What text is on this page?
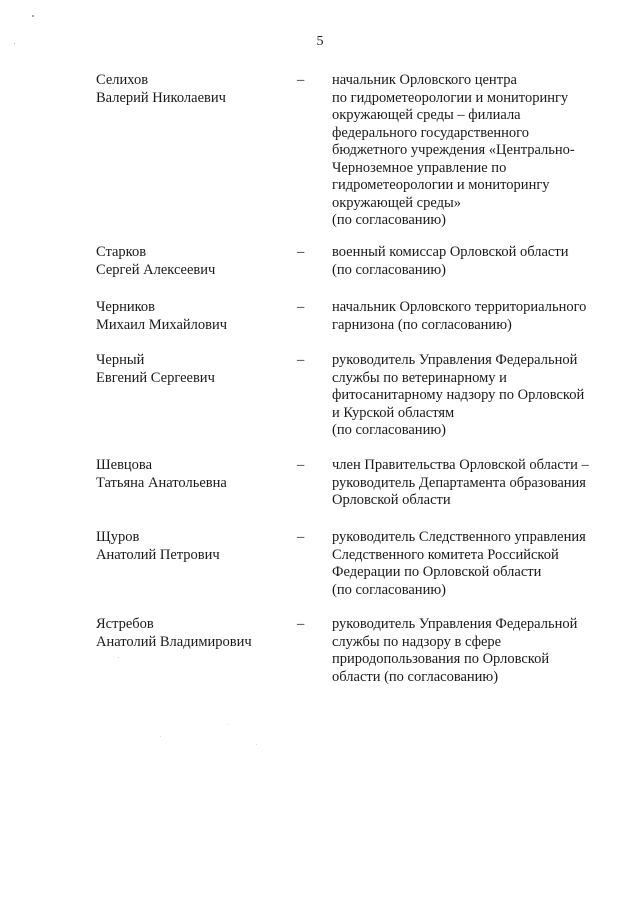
5
Селихов
Валерий Николаевич
– начальник Орловского центра
по гидрометеорологии и мониторингу
окружающей среды – филиала
федерального государственного
бюджетного учреждения «Центрально-
Черноземное управление по
гидрометеорологии и мониторингу
окружающей среды»
(по согласованию)
Старков
Сергей Алексеевич
– военный комиссар Орловской области
(по согласованию)
Черников
Михаил Михайлович
– начальник Орловского территориального
гарнизона (по согласованию)
Черный
Евгений Сергеевич
– руководитель Управления Федеральной
службы по ветеринарному и
фитосанитарному надзору по Орловской
и Курской областям
(по согласованию)
Шевцова
Татьяна Анатольевна
– член Правительства Орловской области –
руководитель Департамента образования
Орловской области
Щуров
Анатолий Петрович
– руководитель Следственного управления
Следственного комитета Российской
Федерации по Орловской области
(по согласованию)
Ястребов
Анатолий Владимирович
– руководитель Управления Федеральной
службы по надзору в сфере
природопользования по Орловской
области (по согласованию)
